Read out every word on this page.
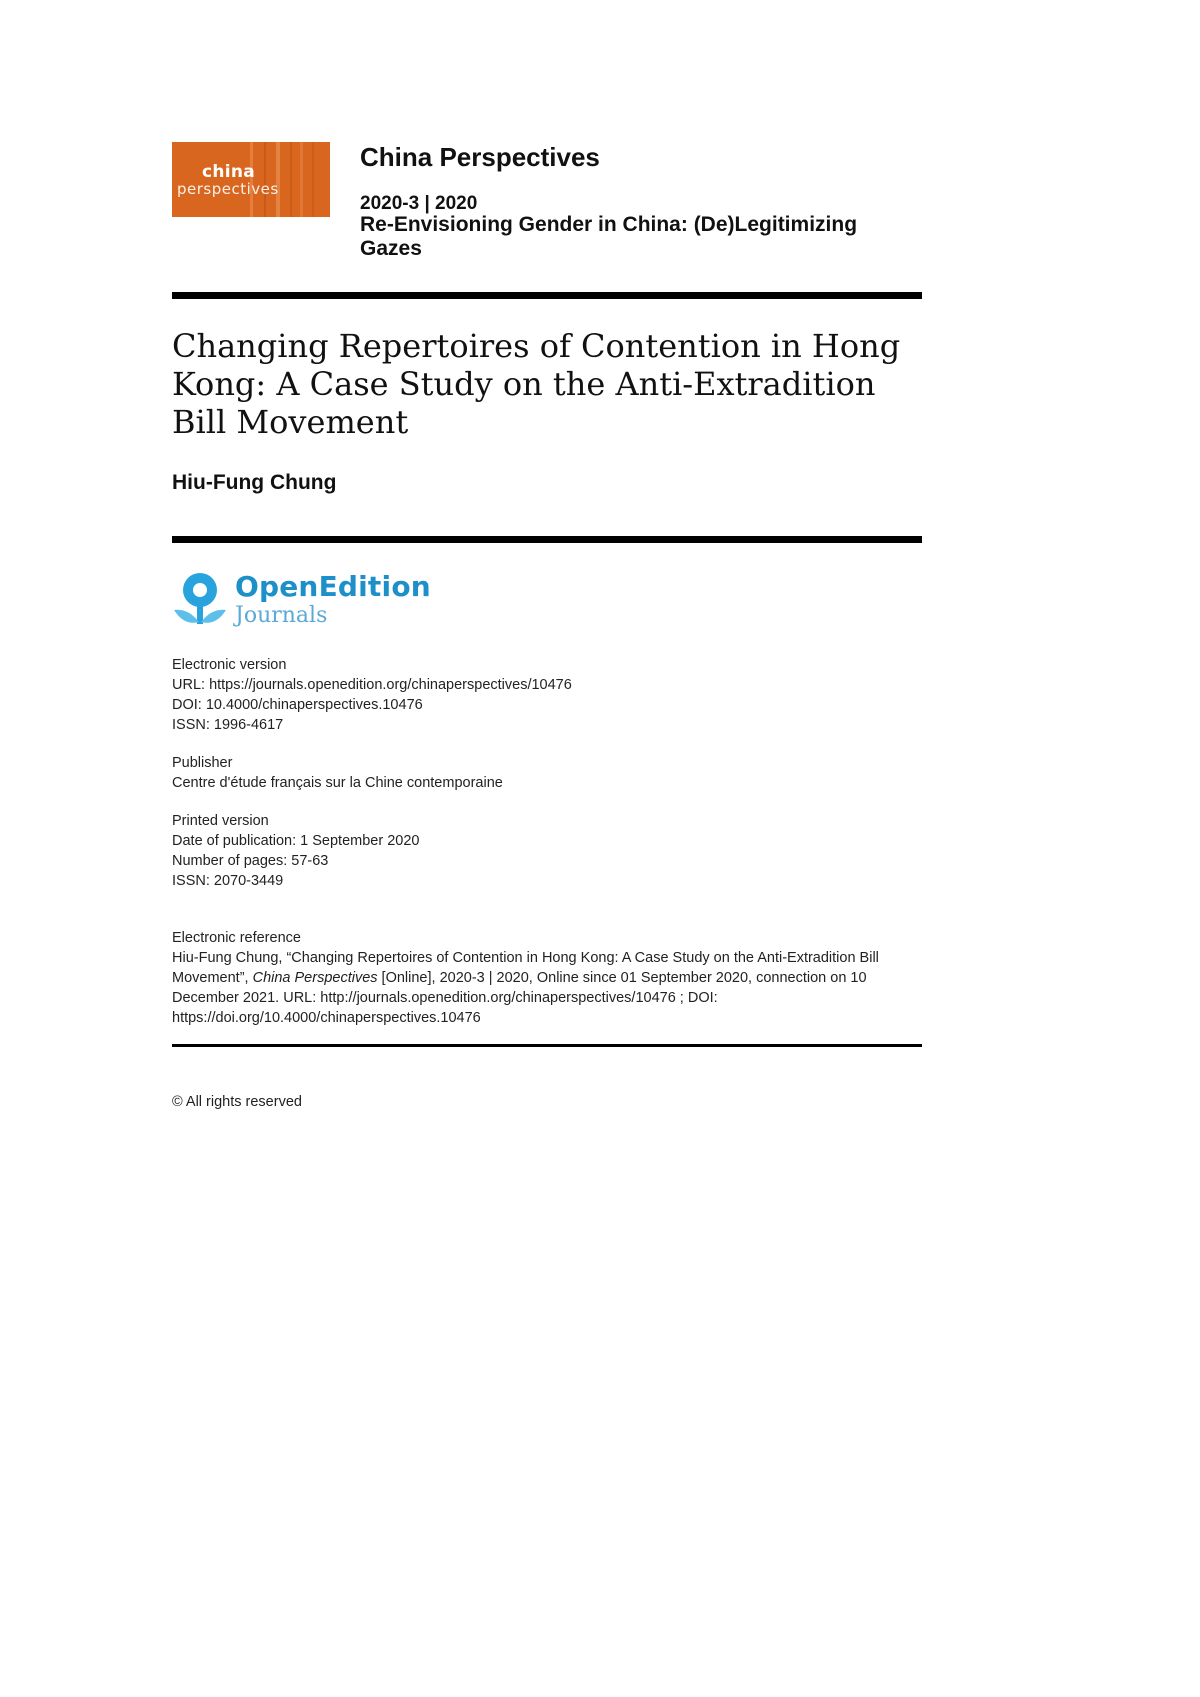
china
perspectives
China Perspectives
2020-3 | 2020
Re-Envisioning Gender in China: (De)Legitimizing Gazes
Changing Repertoires of Contention in Hong Kong: A Case Study on the Anti-Extradition Bill Movement
Hiu-Fung Chung
OpenEdition
Journals
Electronic version
URL: https://journals.openedition.org/chinaperspectives/10476
DOI: 10.4000/chinaperspectives.10476
ISSN: 1996-4617
Publisher
Centre d'étude français sur la Chine contemporaine
Printed version
Date of publication: 1 September 2020
Number of pages: 57-63
ISSN: 2070-3449
Electronic reference
Hiu-Fung Chung, “Changing Repertoires of Contention in Hong Kong: A Case Study on the Anti-Extradition Bill Movement”, China Perspectives [Online], 2020-3 | 2020, Online since 01 September 2020, connection on 10 December 2021. URL: http://journals.openedition.org/chinaperspectives/10476 ; DOI: https://doi.org/10.4000/chinaperspectives.10476
© All rights reserved
